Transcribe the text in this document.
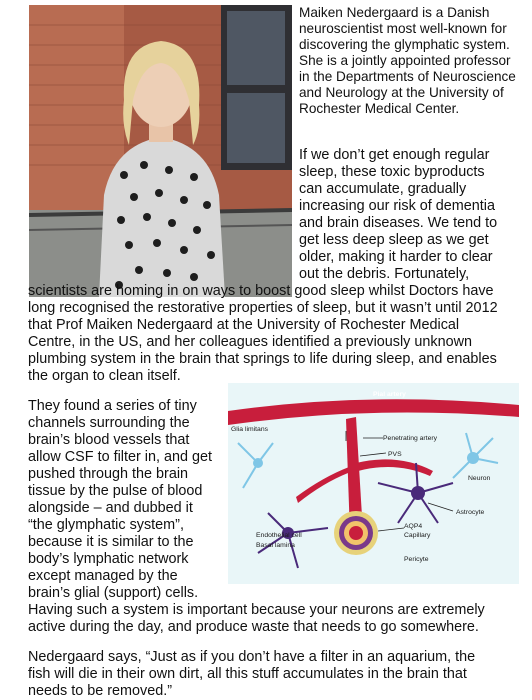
Maiken Nedergaard is a Danish

neuroscientist most well-known for

discovering the glymphatic system.

She is a jointly appointed professor

in the Departments of Neuroscience

and Neurology at the University of

Rochester Medical Center.

If we don’t get enough regular

sleep, these toxic byproducts

can accumulate, gradually

increasing our risk of dementia

and brain diseases. We tend to

get less deep sleep as we get

older, making it harder to clear

out the debris. Fortunately,

scientists are homing in on ways to boost good sleep whilst Doctors have

long recognised the restorative properties of sleep, but it wasn’t until 2012

that Prof Maiken Nedergaard at the University of Rochester Medical

Centre, in the US, and her colleagues identified a previously unknown

plumbing system in the brain that springs to life during sleep, and enables

the organ to clean itself.

They found a series of tiny

channels surrounding the

brain’s blood vessels that

allow CSF to filter in, and get

pushed through the brain

tissue by the pulse of blood

alongside – and dubbed it

“the glymphatic system”,

because it is similar to the

body’s lymphatic network

except managed by the

brain’s glial (support) cells.

Having such a system is important because your neurons are extremely

active during the day, and produce waste that needs to go somewhere.

Nedergaard says, “Just as if you don’t have a filter in an aquarium, the

fish will die in their own dirt, all this stuff accumulates in the brain that

needs to be removed.”

Pial artery
Glia limitans
Penetrating artery
PVS
Neuron
Astrocyte
AQP4
Capillary
Endothelial cell
Basal lamina
Pericyte
